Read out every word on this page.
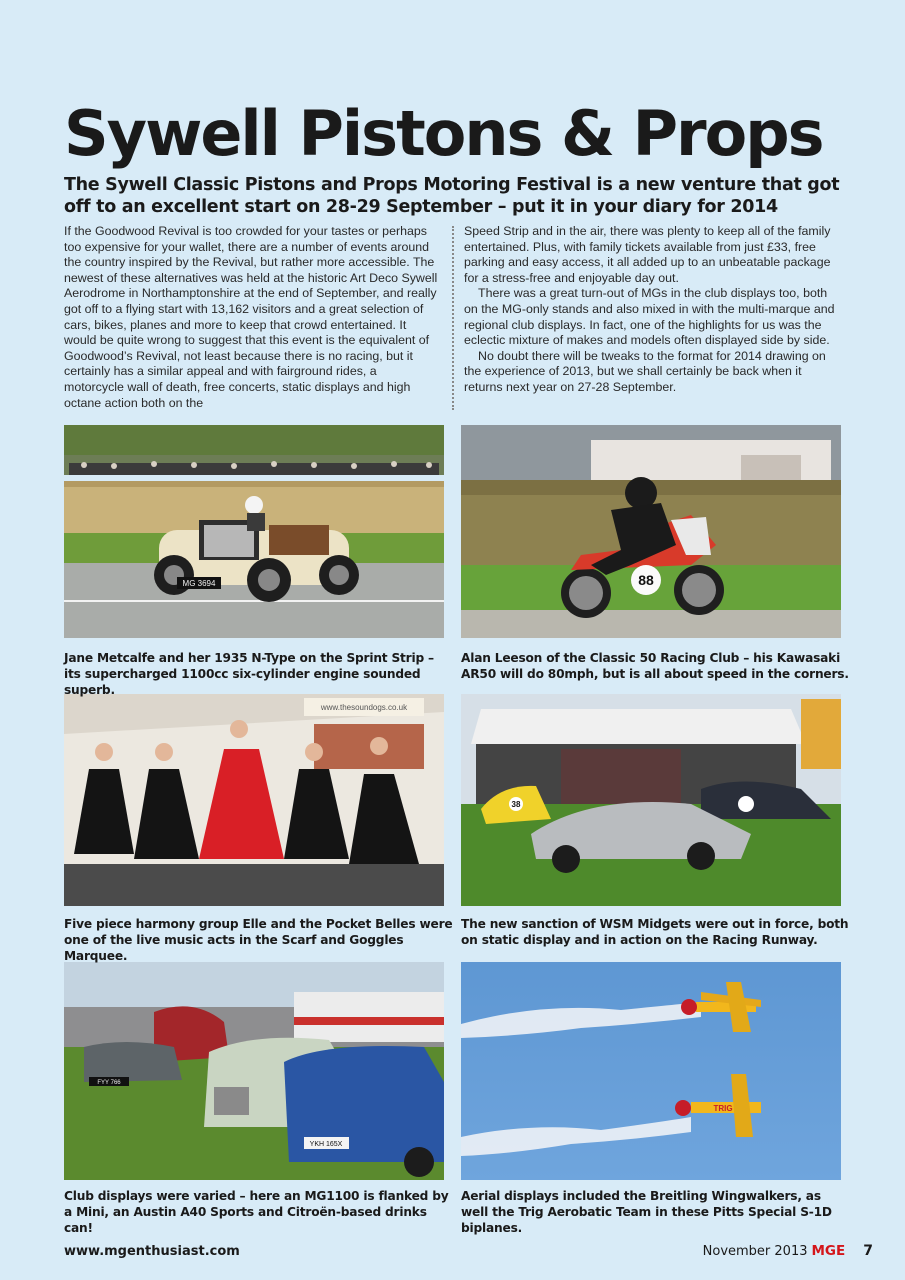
Sywell Pistons & Props
The Sywell Classic Pistons and Props Motoring Festival is a new venture that got off to an excellent start on 28-29 September – put it in your diary for 2014

If the Goodwood Revival is too crowded for your tastes or perhaps too expensive for your wallet, there are a number of events around the country inspired by the Revival, but rather more accessible. The newest of these alternatives was held at the historic Art Deco Sywell Aerodrome in Northamptonshire at the end of September, and really got off to a flying start with 13,162 visitors and a great selection of cars, bikes, planes and more to keep that crowd entertained. It would be quite wrong to suggest that this event is the equivalent of Goodwood’s Revival, not least because there is no racing, but it certainly has a similar appeal and with fairground rides, a motorcycle wall of death, free concerts, static displays and high octane action both on the

Speed Strip and in the air, there was plenty to keep all of the family entertained. Plus, with family tickets available from just £33, free parking and easy access, it all added up to an unbeatable package for a stress-free and enjoyable day out.

There was a great turn-out of MGs in the club displays too, both on the MG-only stands and also mixed in with the multi-marque and regional club displays. In fact, one of the highlights for us was the eclectic mixture of makes and models often displayed side by side.

No doubt there will be tweaks to the format for 2014 drawing on the experience of 2013, but we shall certainly be back when it returns next year on 27-28 September.

MG 3694	88
www.thesoundogs.co.uk
38
FYY 766
YKH 165X
TRIG
Jane Metcalfe and her 1935 N-Type on the Sprint Strip – its supercharged 1100cc six-cylinder engine sounded superb.
Alan Leeson of the Classic 50 Racing Club – his Kawasaki AR50 will do 80mph, but is all about speed in the corners.
Five piece harmony group Elle and the Pocket Belles were one of the live music acts in the Scarf and Goggles Marquee.
The new sanction of WSM Midgets were out in force, both on static display and in action on the Racing Runway.
Club displays were varied – here an MG1100 is flanked by a Mini, an Austin A40 Sports and Citroën-based drinks can!
Aerial displays included the Breitling Wingwalkers, as well the Trig Aerobatic Team in these Pitts Special S-1D biplanes.
www.mgenthusiast.com	November 2013 MGE 7
